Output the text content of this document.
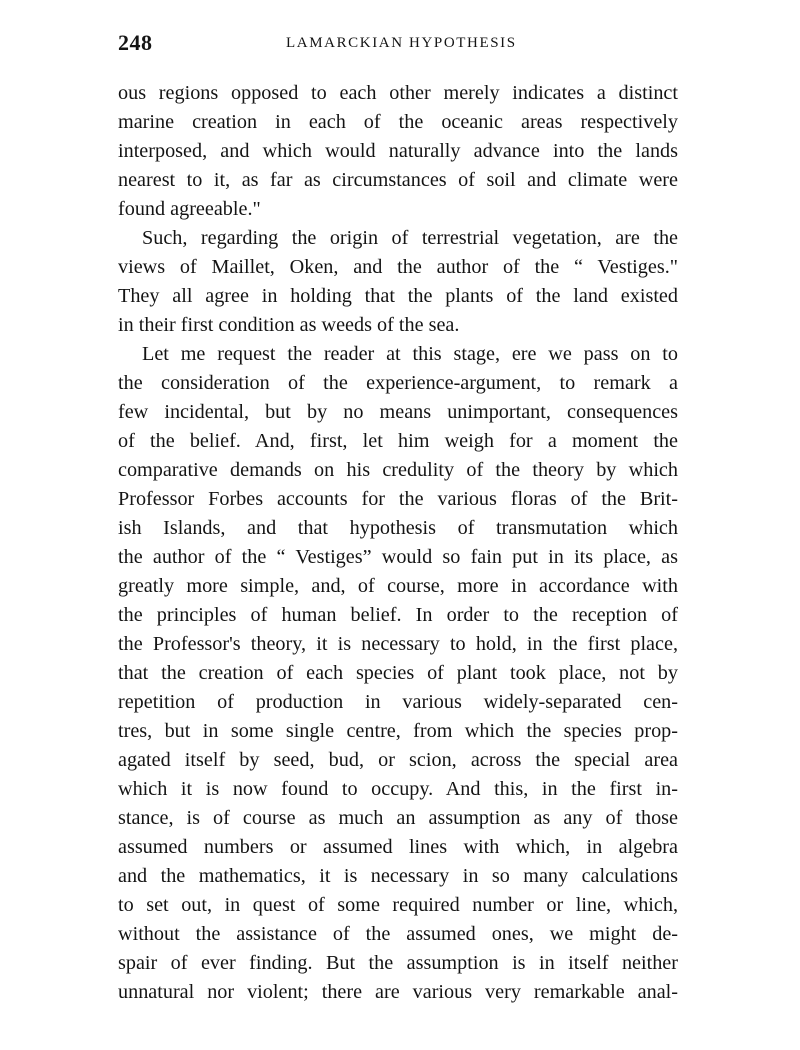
248	LAMARCKIAN HYPOTHESIS
ous regions opposed to each other merely indicates a distinct
marine creation in each of the oceanic areas respectively
interposed, and which would naturally advance into the lands
nearest to it, as far as circumstances of soil and climate were
found agreeable."
Such, regarding the origin of terrestrial vegetation, are the
views of Maillet, Oken, and the author of the “ Vestiges."
They all agree in holding that the plants of the land existed
in their first condition as weeds of the sea.
Let me request the reader at this stage, ere we pass on to
the consideration of the experience-argument, to remark a
few incidental, but by no means unimportant, consequences
of the belief. And, first, let him weigh for a moment the
comparative demands on his credulity of the theory by which
Professor Forbes accounts for the various floras of the Brit-
ish Islands, and that hypothesis of transmutation which
the author of the “ Vestiges” would so fain put in its place, as
greatly more simple, and, of course, more in accordance with
the principles of human belief. In order to the reception of
the Professor's theory, it is necessary to hold, in the first place,
that the creation of each species of plant took place, not by
repetition of production in various widely-separated cen-
tres, but in some single centre, from which the species prop-
agated itself by seed, bud, or scion, across the special area
which it is now found to occupy. And this, in the first in-
stance, is of course as much an assumption as any of those
assumed numbers or assumed lines with which, in algebra
and the mathematics, it is necessary in so many calculations
to set out, in quest of some required number or line, which,
without the assistance of the assumed ones, we might de-
spair of ever finding. But the assumption is in itself neither
unnatural nor violent; there are various very remarkable anal-
